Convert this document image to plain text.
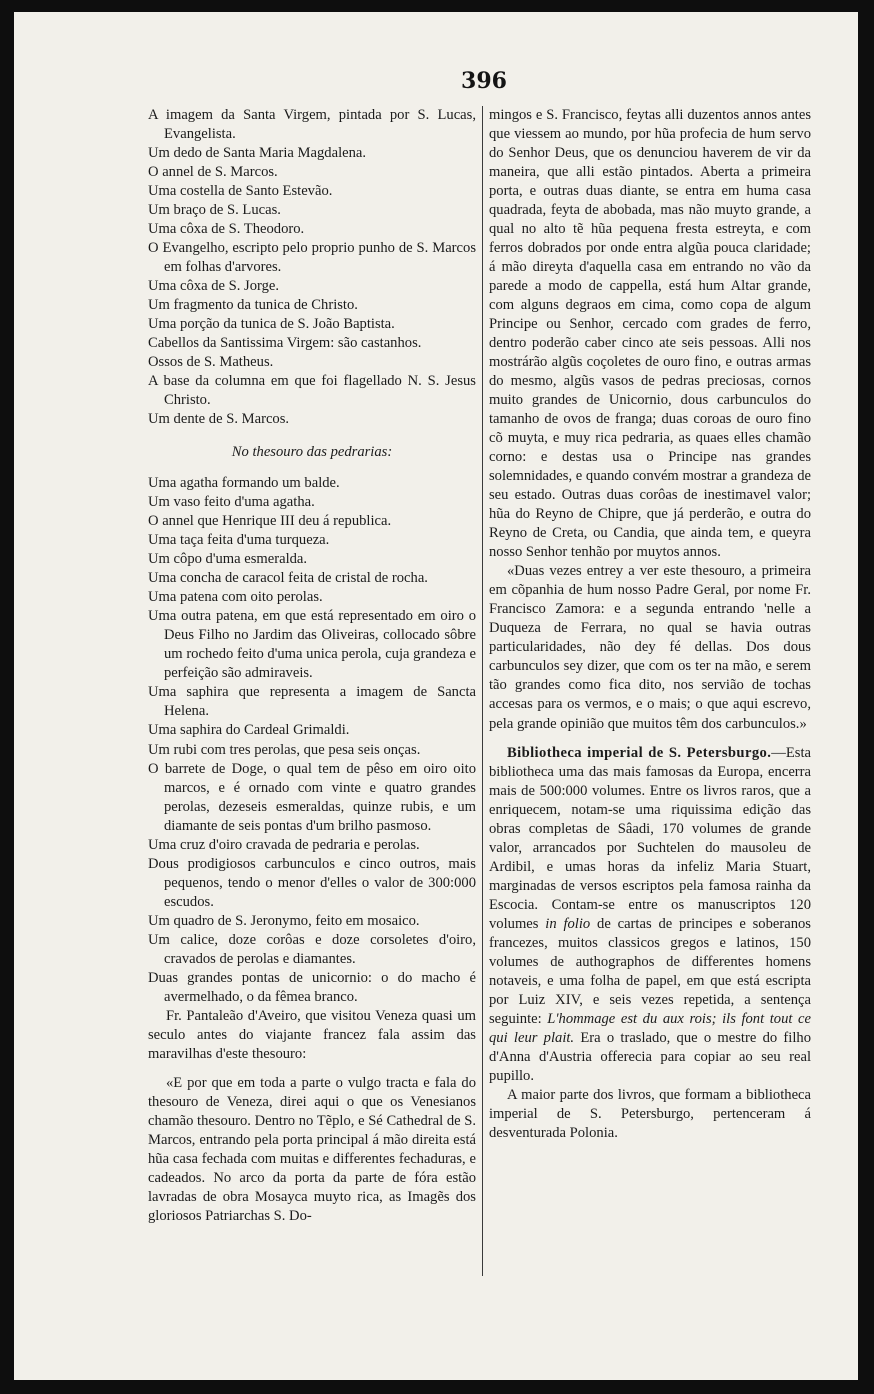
396

A imagem da Santa Virgem, pintada por S. Lucas, Evangelista.

Um dedo de Santa Maria Magdalena.

O annel de S. Marcos.

Uma costella de Santo Estevão.

Um braço de S. Lucas.

Uma côxa de S. Theodoro.

O Evangelho, escripto pelo proprio punho de S. Marcos em folhas d'arvores.

Uma côxa de S. Jorge.

Um fragmento da tunica de Christo.

Uma porção da tunica de S. João Baptista.

Cabellos da Santissima Virgem: são castanhos.

Ossos de S. Matheus.

A base da columna em que foi flagellado N. S. Jesus Christo.

Um dente de S. Marcos.

No thesouro das pedrarias:

Uma agatha formando um balde.

Um vaso feito d'uma agatha.

O annel que Henrique III deu á republica.

Uma taça feita d'uma turqueza.

Um côpo d'uma esmeralda.

Uma concha de caracol feita de cristal de rocha.

Uma patena com oito perolas.

Uma outra patena, em que está representado em oiro o Deus Filho no Jardim das Oliveiras, collocado sôbre um rochedo feito d'uma unica perola, cuja grandeza e perfeição são admiraveis.

Uma saphira que representa a imagem de Sancta Helena.

Uma saphira do Cardeal Grimaldi.

Um rubi com tres perolas, que pesa seis onças.

O barrete de Doge, o qual tem de pêso em oiro oito marcos, e é ornado com vinte e quatro grandes perolas, dezeseis esmeraldas, quinze rubis, e um diamante de seis pontas d'um brilho pasmoso.

Uma cruz d'oiro cravada de pedraria e perolas.

Dous prodigiosos carbunculos e cinco outros, mais pequenos, tendo o menor d'elles o valor de 300:000 escudos.

Um quadro de S. Jeronymo, feito em mosaico.

Um calice, doze corôas e doze corsoletes d'oiro, cravados de perolas e diamantes.

Duas grandes pontas de unicornio: o do macho é avermelhado, o da fêmea branco.

Fr. Pantaleão d'Aveiro, que visitou Veneza quasi um seculo antes do viajante francez fala assim das maravilhas d'este thesouro:

«E por que em toda a parte o vulgo tracta e fala do thesouro de Veneza, direi aqui o que os Venesianos chamão thesouro. Dentro no Tẽplo, e Sé Cathedral de S. Marcos, entrando pela porta principal á mão direita está hũa casa fechada com muitas e differentes fechaduras, e cadeados. No arco da porta da parte de fóra estão lavradas de obra Mosayca muyto rica, as Imagẽs dos gloriosos Patriarchas S. Do-

mingos e S. Francisco, feytas alli duzentos annos antes que viessem ao mundo, por hũa profecia de hum servo do Senhor Deus, que os denunciou haverem de vir da maneira, que alli estão pintados. Aberta a primeira porta, e outras duas diante, se entra em huma casa quadrada, feyta de abobada, mas não muyto grande, a qual no alto tẽ hũa pequena fresta estreyta, e com ferros dobrados por onde entra algũa pouca claridade; á mão direyta d'aquella casa em entrando no vão da parede a modo de cappella, está hum Altar grande, com alguns degraos em cima, como copa de algum Principe ou Senhor, cercado com grades de ferro, dentro poderão caber cinco ate seis pessoas. Alli nos mostrárão algũs coçoletes de ouro fino, e outras armas do mesmo, algũs vasos de pedras preciosas, cornos muito grandes de Unicornio, dous carbunculos do tamanho de ovos de franga; duas coroas de ouro fino cõ muyta, e muy rica pedraria, as quaes elles chamão corno: e destas usa o Principe nas grandes solemnidades, e quando convém mostrar a grandeza de seu estado. Outras duas corôas de inestimavel valor; hũa do Reyno de Chipre, que já perderão, e outra do Reyno de Creta, ou Candia, que ainda tem, e queyra nosso Senhor tenhão por muytos annos.

«Duas vezes entrey a ver este thesouro, a primeira em cõpanhia de hum nosso Padre Geral, por nome Fr. Francisco Zamora: e a segunda entrando 'nelle a Duqueza de Ferrara, no qual se havia outras particularidades, não dey fé dellas. Dos dous carbunculos sey dizer, que com os ter na mão, e serem tão grandes como fica dito, nos servião de tochas accesas para os vermos, e o mais; o que aqui escrevo, pela grande opinião que muitos têm dos carbunculos.»

Bibliotheca imperial de S. Petersburgo.—Esta bibliotheca uma das mais famosas da Europa, encerra mais de 500:000 volumes. Entre os livros raros, que a enriquecem, notam-se uma riquissima edição das obras completas de Sâadi, 170 volumes de grande valor, arrancados por Suchtelen do mausoleu de Ardibil, e umas horas da infeliz Maria Stuart, marginadas de versos escriptos pela famosa rainha da Escocia. Contam-se entre os manuscriptos 120 volumes in folio de cartas de principes e soberanos francezes, muitos classicos gregos e latinos, 150 volumes de authographos de differentes homens notaveis, e uma folha de papel, em que está escripta por Luiz XIV, e seis vezes repetida, a sentença seguinte: L'hommage est du aux rois; ils font tout ce qui leur plait. Era o traslado, que o mestre do filho d'Anna d'Austria offerecia para copiar ao seu real pupillo.

A maior parte dos livros, que formam a bibliotheca imperial de S. Petersburgo, pertenceram á desventurada Polonia.
